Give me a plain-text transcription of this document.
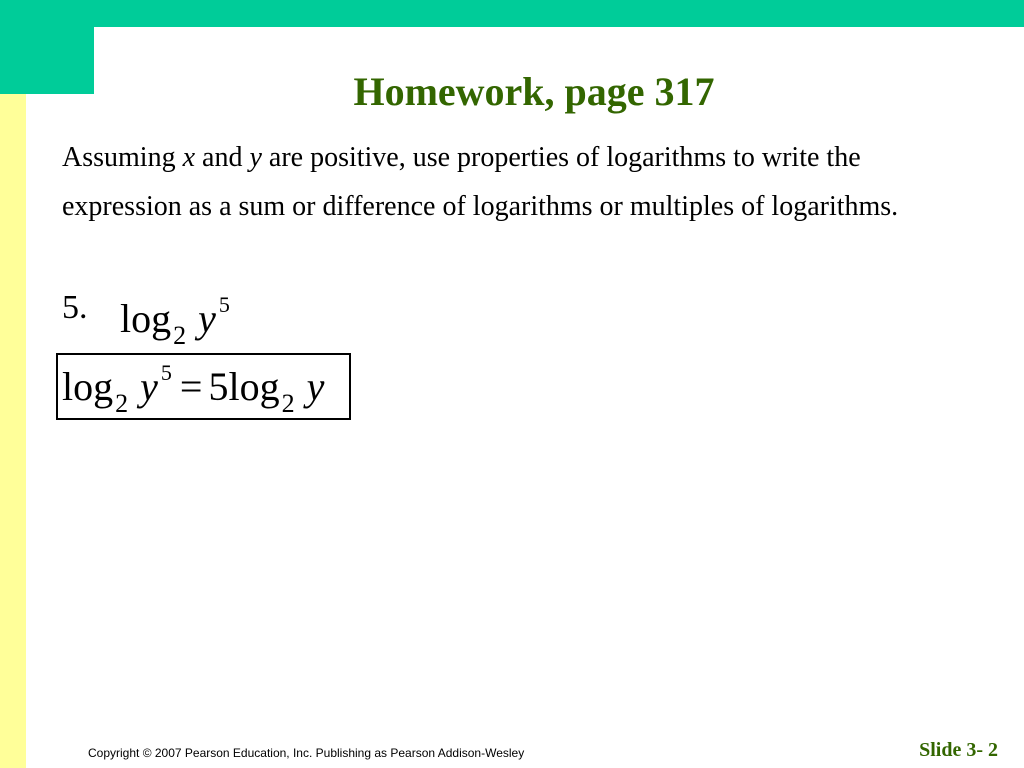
Homework, page 317

Assuming x and y are positive, use properties of logarithms to write the expression as a sum or difference of logarithms or multiples of logarithms.

5. $\log_2 y$ $^5$
$\log_2 y$ $^5 = 5\log_2$ y
Copyright © 2007 Pearson Education, Inc. Publishing as Pearson Addison-Wesley	Slide 3- 2
